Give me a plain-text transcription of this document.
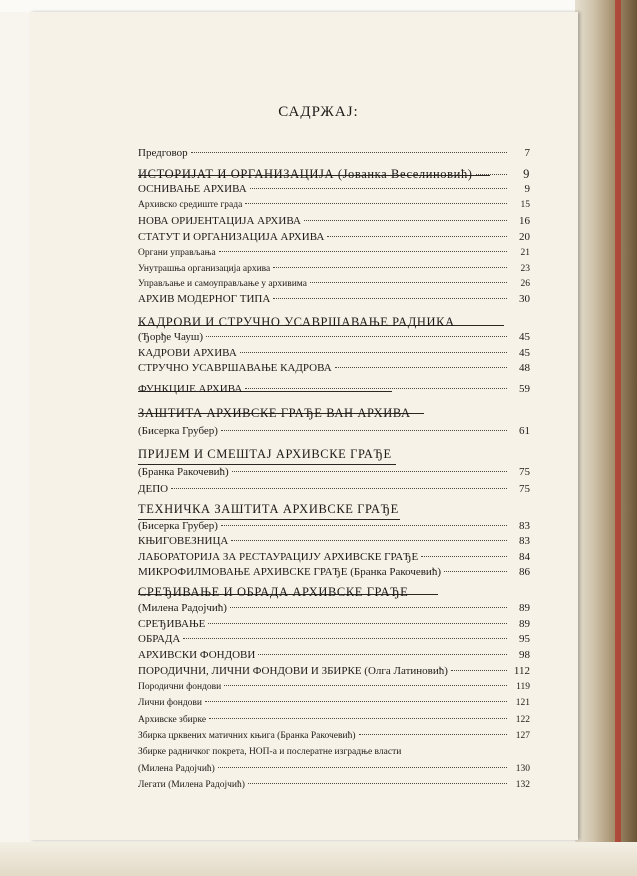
САДРЖАЈ:
Предговор	7
ИСТОРИЈАТ И ОРГАНИЗАЦИЈА (Јованка Веселиновић)	9
ОСНИВАЊЕ АРХИВА	9
Архивско средиште града	15
НОВА ОРИЈЕНТАЦИЈА АРХИВА	16
СТАТУТ И ОРГАНИЗАЦИЈА АРХИВА	20
Органи управљања	21
Унутрашња организација архива	23
Управљање и самоуправљање у архивима	26
АРХИВ МОДЕРНОГ ТИПА	30
КАДРОВИ И СТРУЧНО УСАВРШАВАЊЕ РАДНИКА
(Ђорђе Чауш)	45
КАДРОВИ АРХИВА	45
СТРУЧНО УСАВРШАВАЊЕ КАДРОВА	48
ФУНКЦИЈЕ АРХИВА	59
ЗАШТИТА АРХИВСКЕ ГРАЂЕ ВАН АРХИВА
(Бисерка Грубер)	61
ПРИЈЕМ И СМЕШТАЈ АРХИВСКЕ ГРАЂЕ
(Бранка Ракочевић)	75
ДЕПО	75
ТЕХНИЧКА ЗАШТИТА АРХИВСКЕ ГРАЂЕ
(Бисерка Грубер)	83
КЊИГОВЕЗНИЦА	83
ЛАБОРАТОРИЈА ЗА РЕСТАУРАЦИЈУ АРХИВСКЕ ГРАЂЕ	84
МИКРОФИЛМОВАЊЕ АРХИВСКЕ ГРАЂЕ (Бранка Ракочевић)	86
СРЕЂИВАЊЕ И ОБРАДА АРХИВСКЕ ГРАЂЕ
(Милена Радојчић)	89
СРЕЂИВАЊЕ	89
ОБРАДА	95
АРХИВСКИ ФОНДОВИ	98
ПОРОДИЧНИ, ЛИЧНИ ФОНДОВИ И ЗБИРКЕ (Олга Латиновић)	112
Породични фондови	119
Лични фондови	121
Архивске збирке	122
Збирка црквених матичних књига (Бранка Ракочевић)	127
Збирке радничког покрета, НОП-а и послератне изградње власти
(Милена Радојчић)	130
Легати (Милена Радојчић)	132
